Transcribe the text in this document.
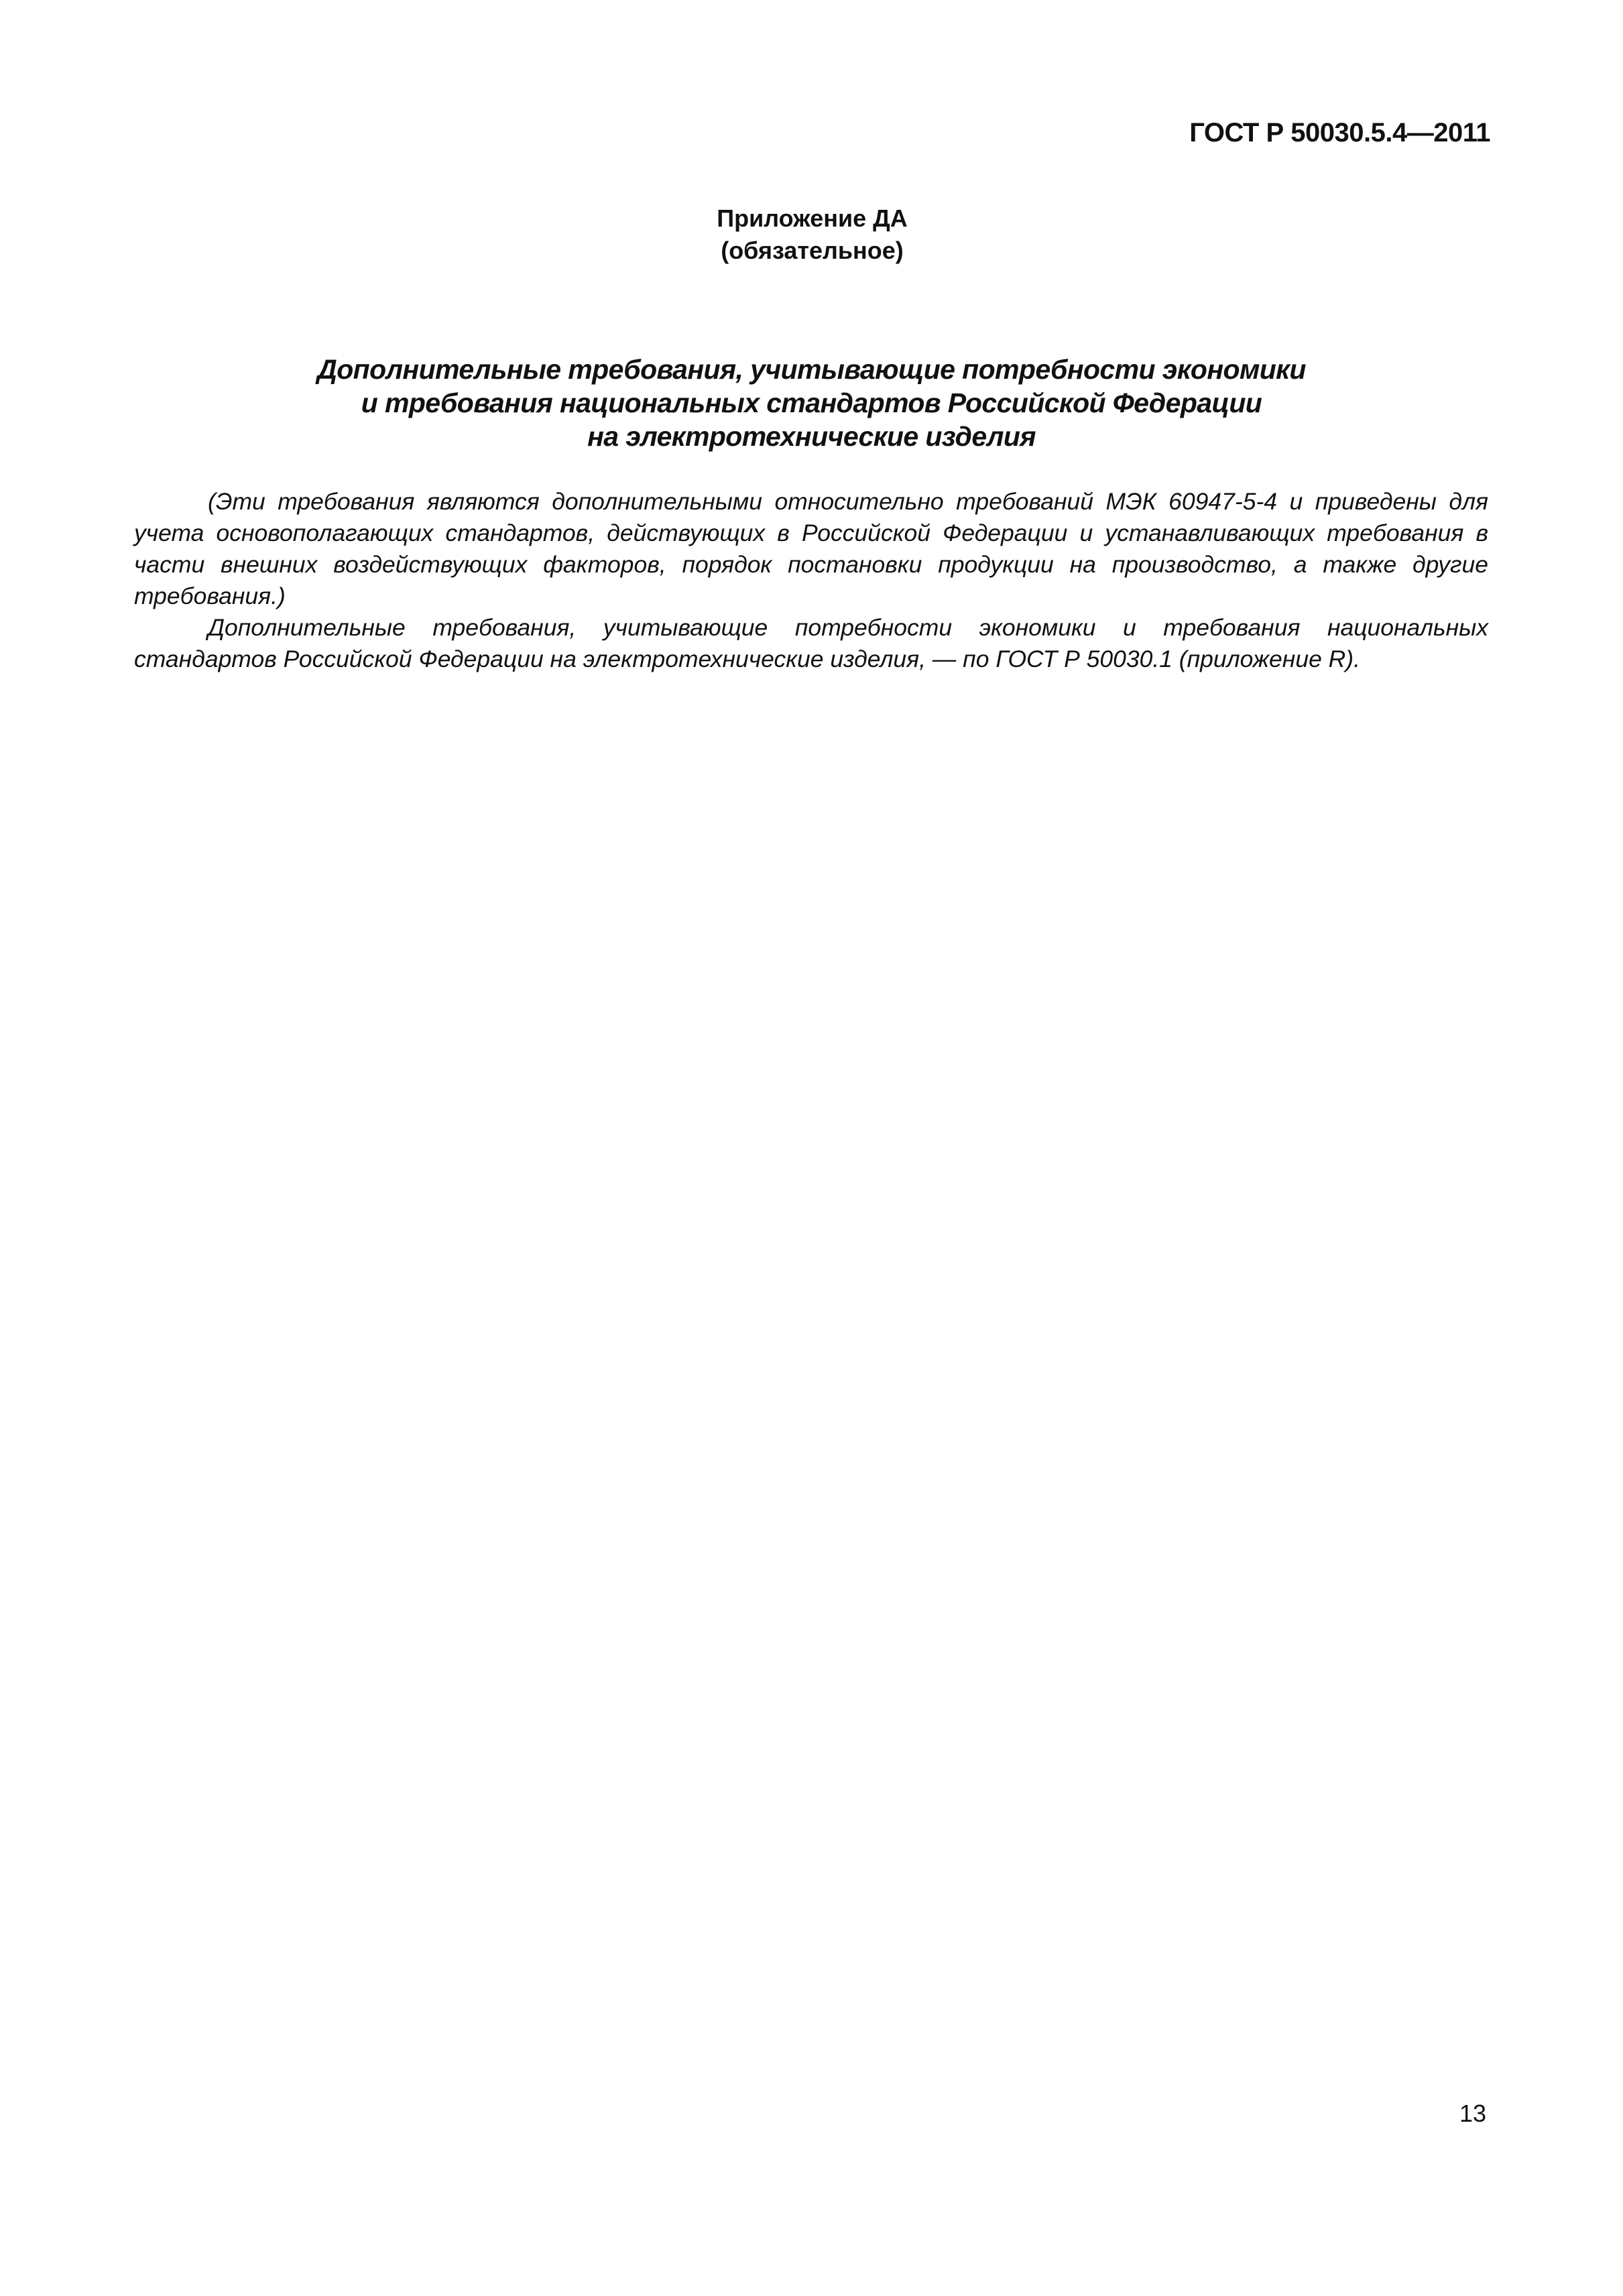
ГОСТ Р 50030.5.4—2011
Приложение ДА
(обязательное)
Дополнительные требования, учитывающие потребности экономики
и требования национальных стандартов Российской Федерации
на электротехнические изделия

(Эти требования являются дополнительными относительно требований МЭК 60947-5-4 и приведены для учета основополагающих стандартов, действующих в Российской Федерации и устанавливающих требования в части внешних воздействующих факторов, порядок постановки продукции на производство, а также другие требования.)

Дополнительные требования, учитывающие потребности экономики и требования национальных стандартов Российской Федерации на электротехнические изделия, — по ГОСТ Р 50030.1 (приложение R).

13
